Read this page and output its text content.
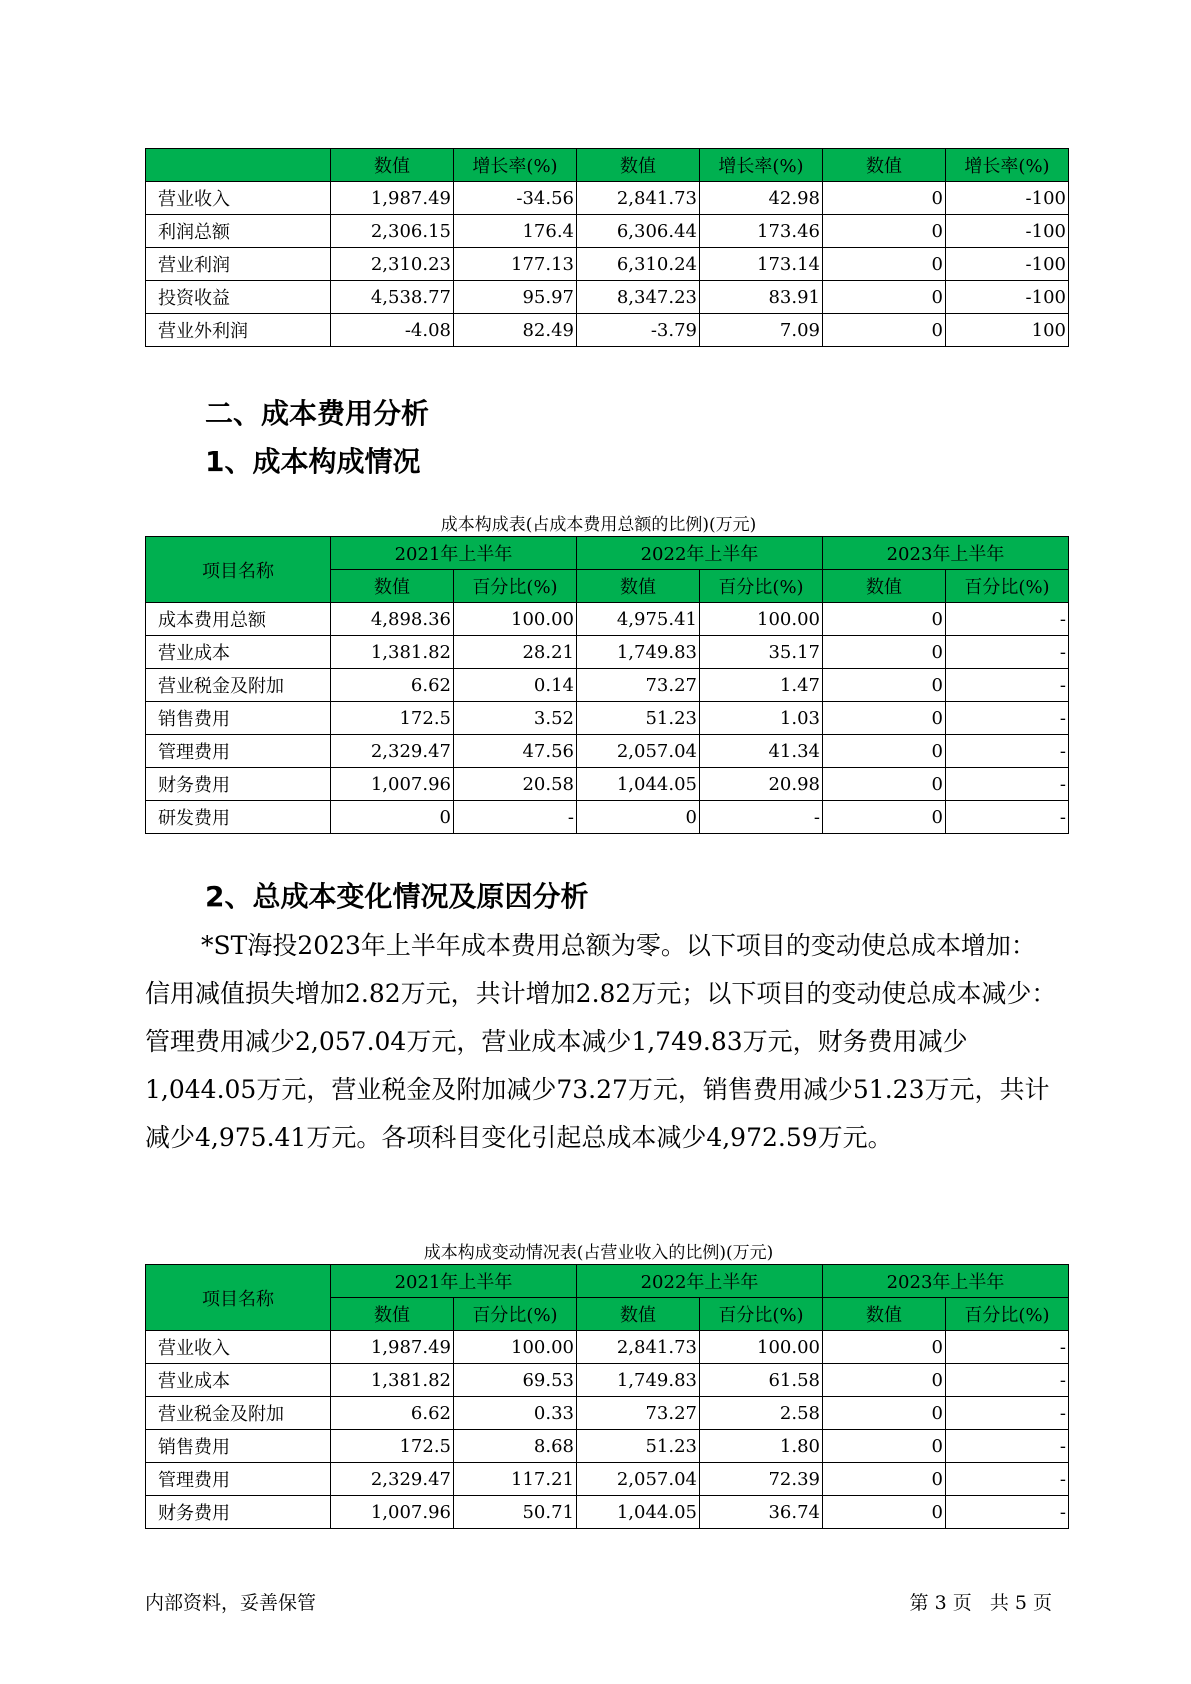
	数值	增长率(%)	数值	增长率(%)	数值	增长率(%)
营业收入	1,987.49	-34.56	2,841.73	42.98	0	-100
利润总额	2,306.15	176.4	6,306.44	173.46	0	-100
营业利润	2,310.23	177.13	6,310.24	173.14	0	-100
投资收益	4,538.77	95.97	8,347.23	83.91	0	-100
营业外利润	-4.08	82.49	-3.79	7.09	0	100
二、成本费用分析
1、成本构成情况
成本构成表(占成本费用总额的比例)(万元)
项目名称	2021年上半年		2022年上半年		2023年上半年	
	数值	百分比(%)	数值	百分比(%)	数值	百分比(%)
成本费用总额	4,898.36	100.00	4,975.41	100.00	0	-
营业成本	1,381.82	28.21	1,749.83	35.17	0	-
营业税金及附加	6.62	0.14	73.27	1.47	0	-
销售费用	172.5	3.52	51.23	1.03	0	-
管理费用	2,329.47	47.56	2,057.04	41.34	0	-
财务费用	1,007.96	20.58	1,044.05	20.98	0	-
研发费用	0	-	0	-	0	-
2、总成本变化情况及原因分析

*ST海投2023年上半年成本费用总额为零。以下项目的变动使总成本增加：信用减值损失增加2.82万元，共计增加2.82万元；以下项目的变动使总成本减少：管理费用减少2,057.04万元，营业成本减少1,749.83万元，财务费用减少1,044.05万元，营业税金及附加减少73.27万元，销售费用减少51.23万元，共计减少4,975.41万元。各项科目变化引起总成本减少4,972.59万元。

成本构成变动情况表(占营业收入的比例)(万元)
项目名称	2021年上半年		2022年上半年		2023年上半年	
	数值	百分比(%)	数值	百分比(%)	数值	百分比(%)
营业收入	1,987.49	100.00	2,841.73	100.00	0	-
营业成本	1,381.82	69.53	1,749.83	61.58	0	-
营业税金及附加	6.62	0.33	73.27	2.58	0	-
销售费用	172.5	8.68	51.23	1.80	0	-
管理费用	2,329.47	117.21	2,057.04	72.39	0	-
财务费用	1,007.96	50.71	1,044.05	36.74	0	-
内部资料，妥善保管	第 3 页   共 5 页
